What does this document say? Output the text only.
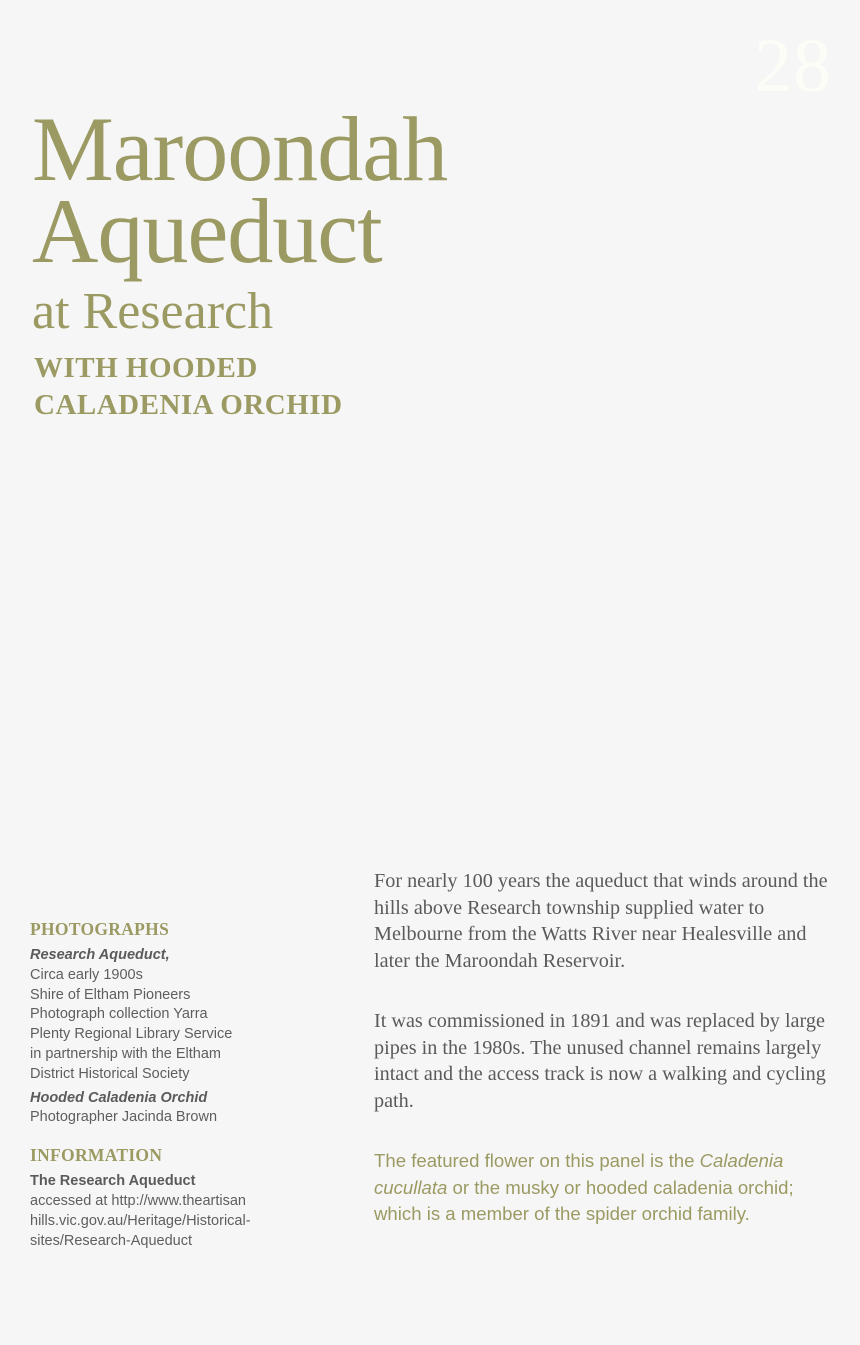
28
Maroondah
Aqueduct
at Research
WITH HOODED
CALADENIA ORCHID
PHOTOGRAPHS
Research Aqueduct,
Circa early 1900s
Shire of Eltham Pioneers
Photograph collection Yarra
Plenty Regional Library Service
in partnership with the Eltham
District Historical Society
Hooded Caladenia Orchid
Photographer Jacinda Brown
INFORMATION
The Research Aqueduct
accessed at http://www.theartisan
hills.vic.gov.au/Heritage/Historical-
sites/Research-Aqueduct

For nearly 100 years the aqueduct that winds around the hills above Research township supplied water to Melbourne from the Watts River near Healesville and later the Maroondah Reservoir.

It was commissioned in 1891 and was replaced by large pipes in the 1980s. The unused channel remains largely intact and the access track is now a walking and cycling path.

The featured flower on this panel is the Caladenia cucullata or the musky or hooded caladenia orchid; which is a member of the spider orchid family.
